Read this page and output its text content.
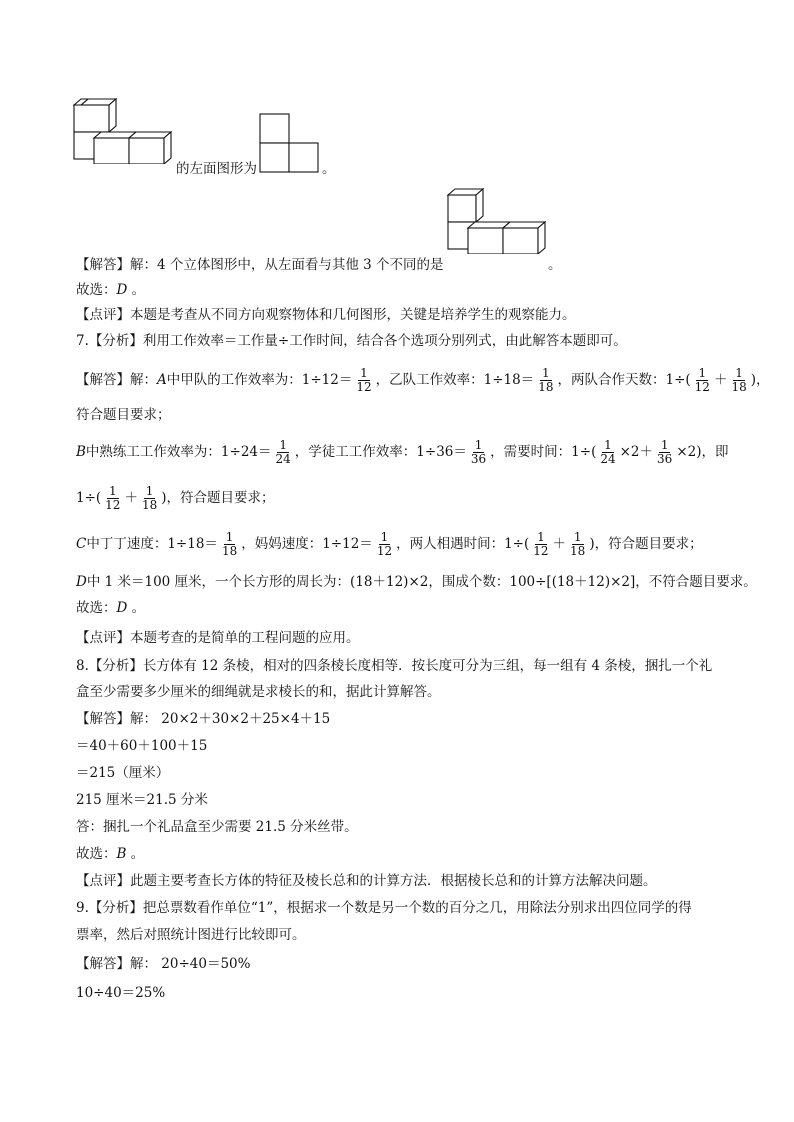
的左面图形为	。
【解答】解：4 个立体图形中，从左面看与其他 3 个不同的是	。
故选：D 。
【点评】本题是考查从不同方向观察物体和几何图形，关键是培养学生的观察能力。
7.【分析】利用工作效率＝工作量÷工作时间，结合各个选项分别列式，由此解答本题即可。
【解答】解：A中甲队的工作效率为：$1\div 12= \frac{1}{12}$ ，乙队工作效率：$1\div 18= \frac{1}{18}$ ，两队合作天数：$1\div( \frac{1}{12} + \frac{1}{18}$ )，
符合题目要求；
B中熟练工工作效率为：$1\div 24= \frac{1}{24}$ ，学徒工工作效率：$1\div 36= \frac{1}{36}$ ，需要时间：$1\div( \frac{1}{24} \times 2+ \frac{1}{36} \times 2)$，即
$1\div( \frac{1}{12} + \frac{1}{18}$ )，符合题目要求；
C中丁丁速度：$1\div 18= \frac{1}{18}$ ，妈妈速度：$1\div 12= \frac{1}{12}$ ，两人相遇时间：$1\div( \frac{1}{12} + \frac{1}{18}$ )，符合题目要求；
D中 1 米＝100 厘米，一个长方形的周长为：(18＋12)×2，围成个数：100÷[(18＋12)×2]，不符合题目要求。
故选：D 。
【点评】本题考查的是简单的工程问题的应用。
8.【分析】长方体有 12 条棱，相对的四条棱长度相等．按长度可分为三组，每一组有 4 条棱，捆扎一个礼
盒至少需要多少厘米的细绳就是求棱长的和，据此计算解答。
【解答】解： 20×2＋30×2＋25×4＋15
＝40＋60＋100＋15
＝215（厘米）
215 厘米＝21.5 分米
答：捆扎一个礼品盒至少需要 21.5 分米丝带。
故选：B 。
【点评】此题主要考查长方体的特征及棱长总和的计算方法．根据棱长总和的计算方法解决问题。
9.【分析】把总票数看作单位“1”，根据求一个数是另一个数的百分之几，用除法分别求出四位同学的得
票率，然后对照统计图进行比较即可。
【解答】解： 20÷40＝50%
10÷40＝25%
